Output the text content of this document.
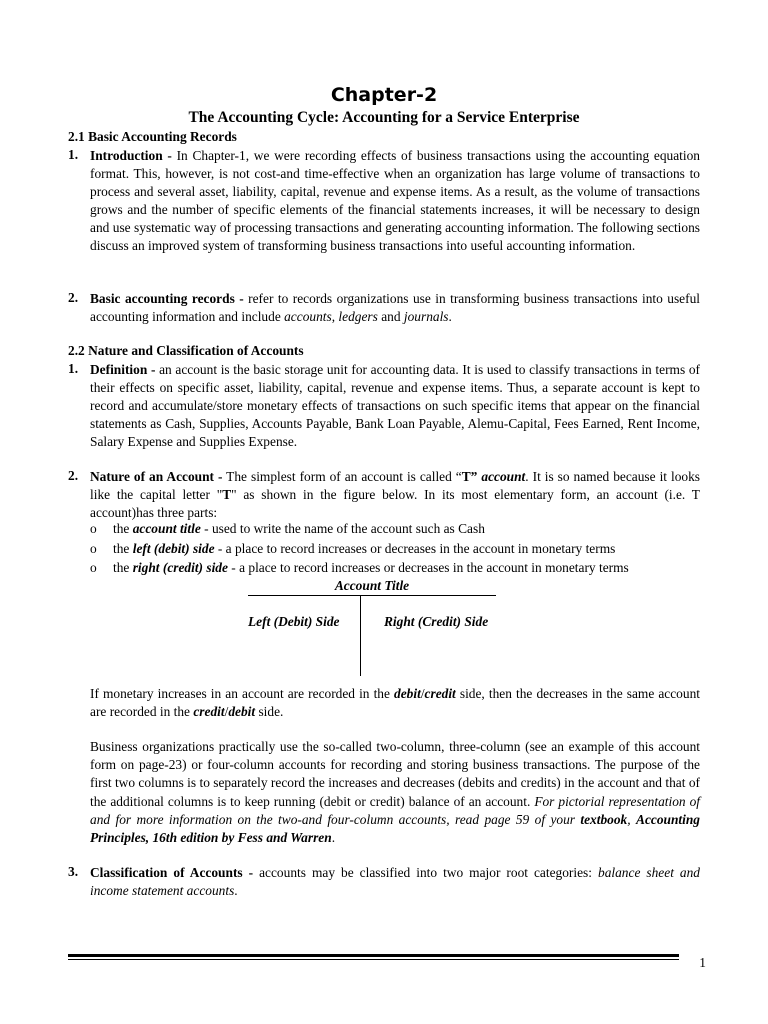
Chapter-2
The Accounting Cycle: Accounting for a Service Enterprise
2.1 Basic Accounting Records
1. Introduction - In Chapter-1, we were recording effects of business transactions using the accounting equation format. This, however, is not cost-and time-effective when an organization has large volume of transactions to process and several asset, liability, capital, revenue and expense items. As a result, as the volume of transactions grows and the number of specific elements of the financial statements increases, it will be necessary to design and use systematic way of processing transactions and generating accounting information. The following sections discuss an improved system of transforming business transactions into useful accounting information.
2. Basic accounting records - refer to records organizations use in transforming business transactions into useful accounting information and include accounts, ledgers and journals.
2.2 Nature and Classification of Accounts
1. Definition - an account is the basic storage unit for accounting data. It is used to classify transactions in terms of their effects on specific asset, liability, capital, revenue and expense items. Thus, a separate account is kept to record and accumulate/store monetary effects of transactions on such specific items that appear on the financial statements as Cash, Supplies, Accounts Payable, Bank Loan Payable, Alemu-Capital, Fees Earned, Rent Income, Salary Expense and Supplies Expense.
2. Nature of an Account - The simplest form of an account is called “T” account. It is so named because it looks like the capital letter "T" as shown in the figure below. In its most elementary form, an account (i.e. T account)has three parts:
o the account title - used to write the name of the account such as Cash
o the left (debit) side - a place to record increases or decreases in the account in monetary terms
o the right (credit) side - a place to record increases or decreases in the account in monetary terms
Account Title
Left (Debit) Side	Right (Credit) Side
If monetary increases in an account are recorded in the debit/credit side, then the decreases in the same account are recorded in the credit/debit side.
Business organizations practically use the so-called two-column, three-column (see an example of this account form on page-23) or four-column accounts for recording and storing business transactions. The purpose of the first two columns is to separately record the increases and decreases (debits and credits) in the account and that of the additional columns is to keep running (debit or credit) balance of an account. For pictorial representation of and for more information on the two-and four-column accounts, read page 59 of your textbook, Accounting Principles, 16th edition by Fess and Warren.
3. Classification of Accounts - accounts may be classified into two major root categories: balance sheet and income statement accounts.
1
